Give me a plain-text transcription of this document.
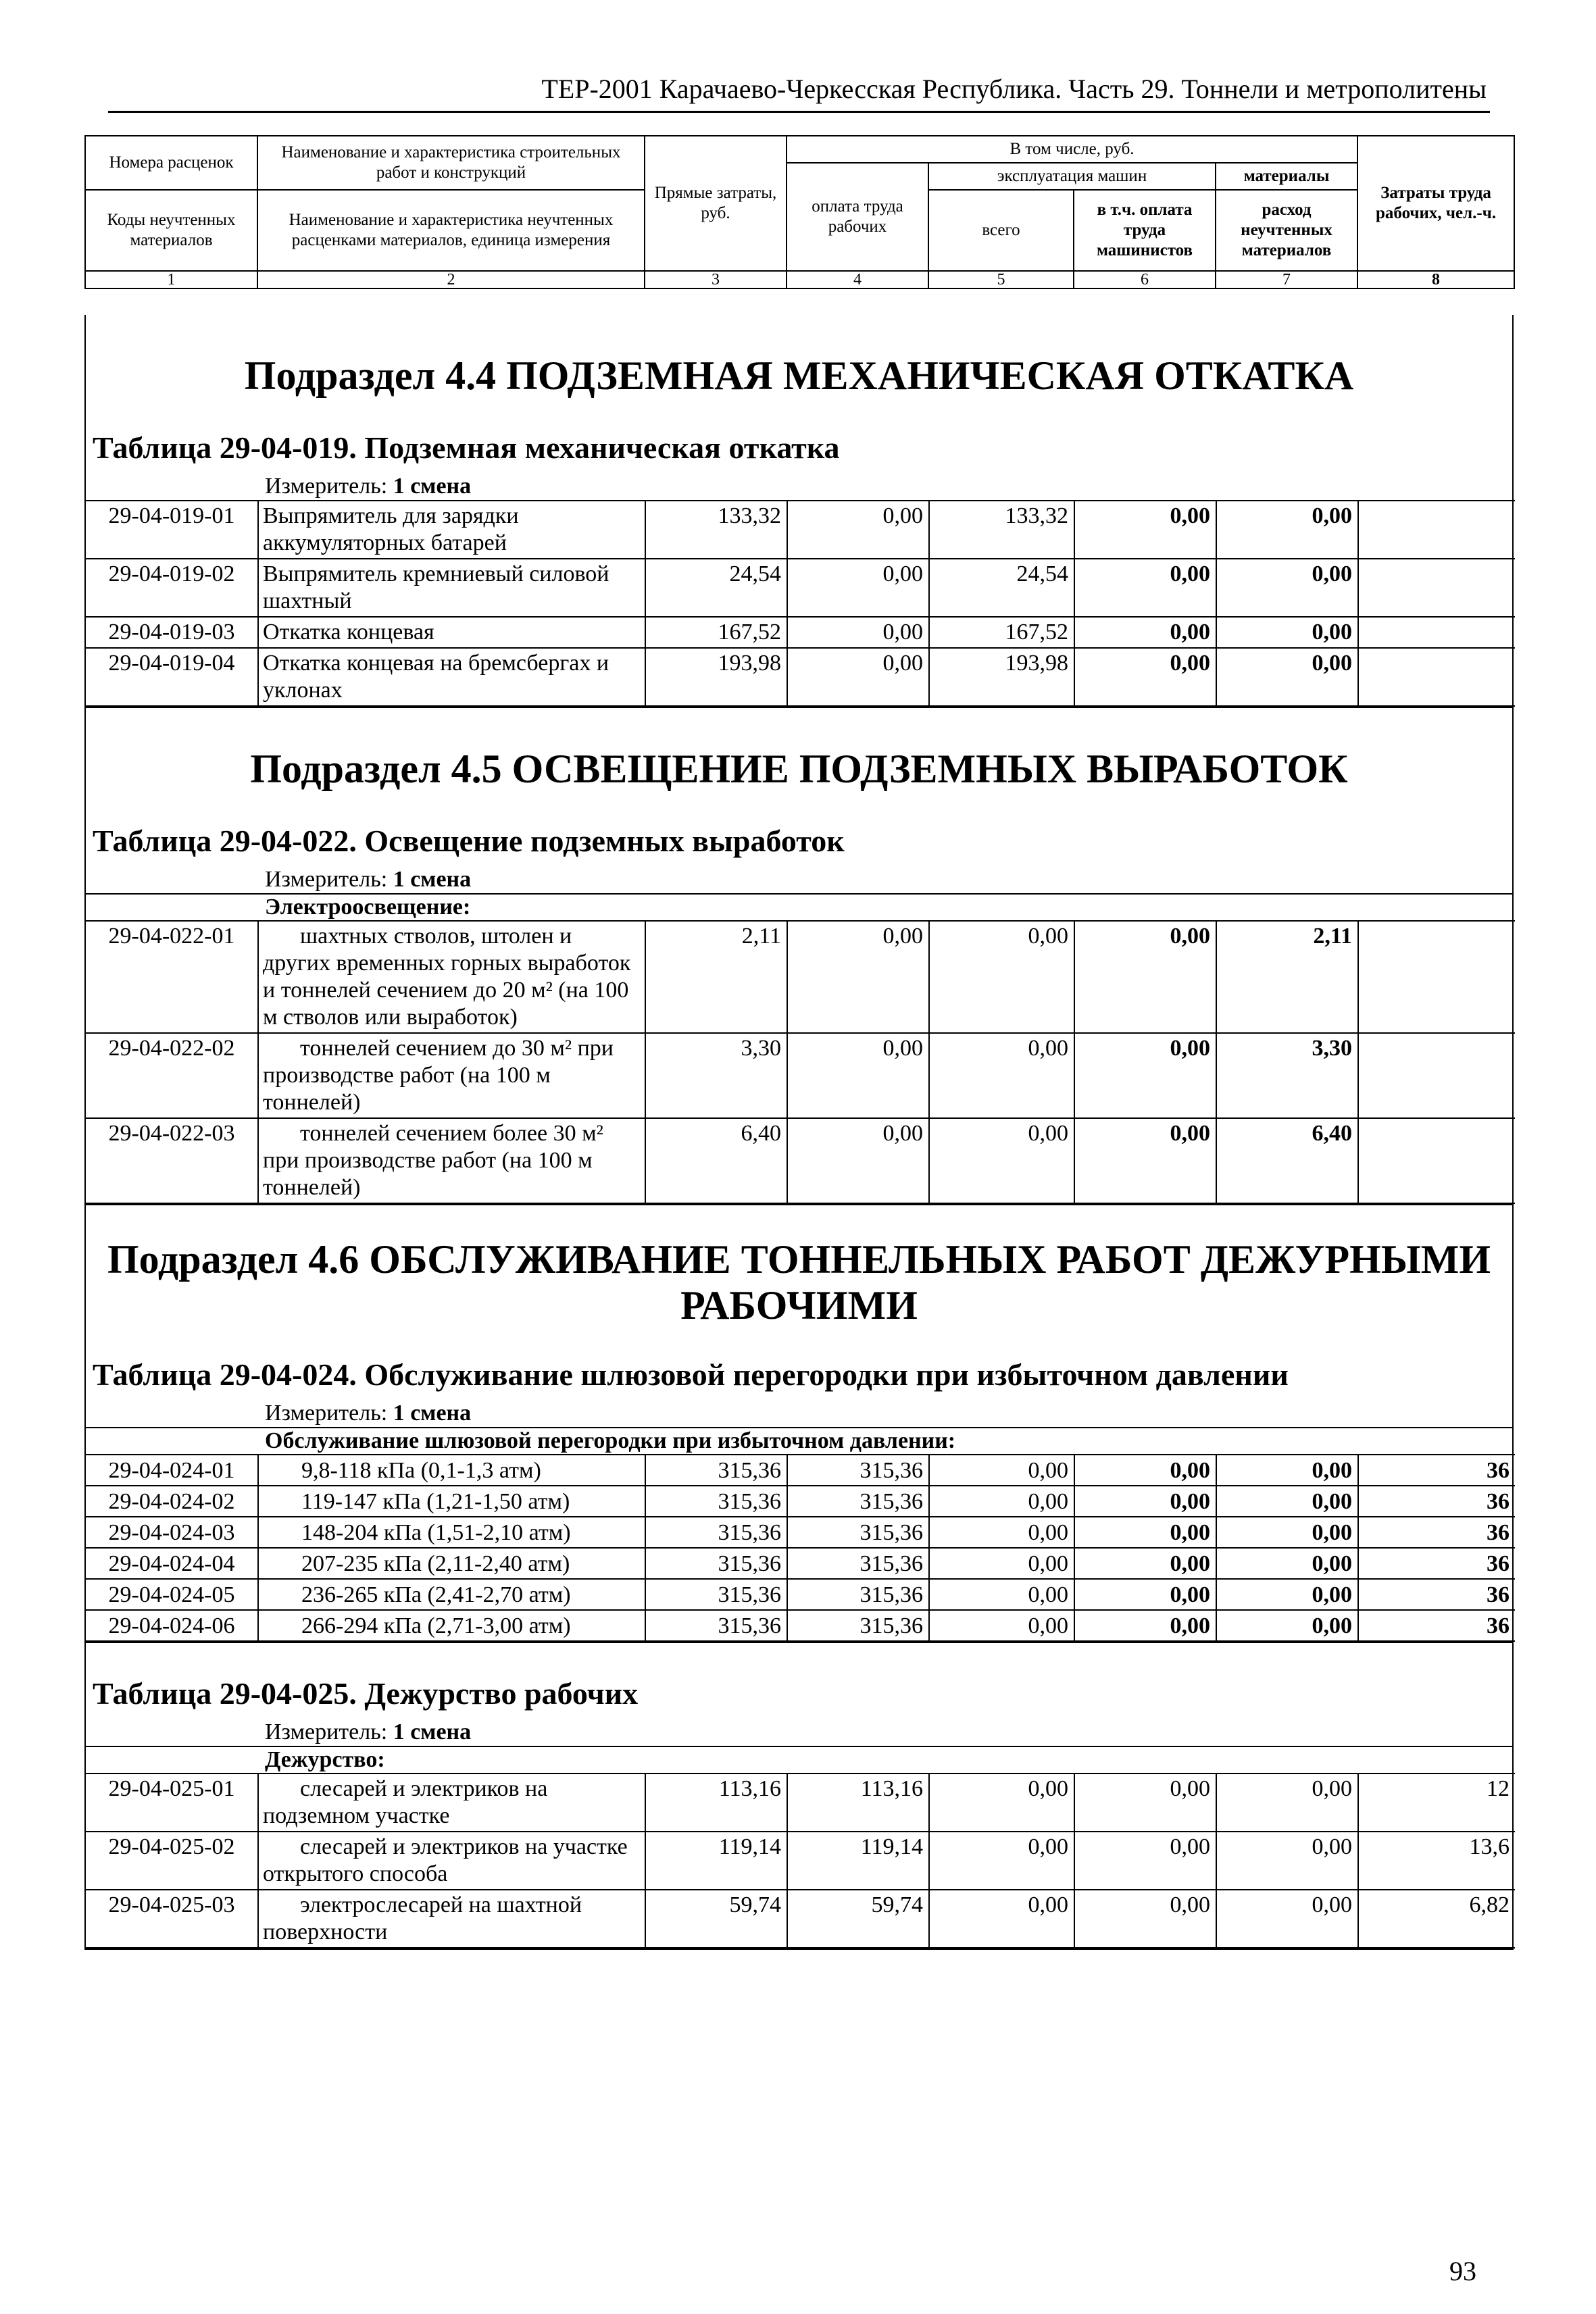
ТЕР-2001 Карачаево-Черкесская Республика. Часть 29. Тоннели и метрополитены
Номера расценок	Наименование и характеристика строительных работ и конструкций	Прямые затраты, руб.	В том числе, руб.				Затраты труда рабочих, чел.-ч.
			оплата труда рабочих	эксплуатация машин		материалы	
Коды неучтенных материалов	Наименование и характеристика неучтенных расценками материалов, единица измерения			всего	в т.ч. оплата труда машинистов	расход неучтенных материалов	

1	2	3	4	5	6	7	8
Подраздел 4.4 ПОДЗЕМНАЯ МЕХАНИЧЕСКАЯ ОТКАТКА
Таблица 29-04-019. Подземная механическая откатка
Измеритель: 1 смена
29-04-019-01	Выпрямитель для зарядки аккумуляторных батарей	133,32	0,00	133,32	0,00	0,00	
29-04-019-02	Выпрямитель кремниевый силовой шахтный	24,54	0,00	24,54	0,00	0,00	
29-04-019-03	Откатка концевая	167,52	0,00	167,52	0,00	0,00	
29-04-019-04	Откатка концевая на бремсбергах и уклонах	193,98	0,00	193,98	0,00	0,00	
Подраздел 4.5 ОСВЕЩЕНИЕ ПОДЗЕМНЫХ ВЫРАБОТОК
Таблица 29-04-022. Освещение подземных выработок
Измеритель: 1 смена
Электроосвещение:
29-04-022-01	шахтных стволов, штолен и других временных горных выработок и тоннелей сечением до 20 м² (на 100 м стволов или выработок)	2,11	0,00	0,00	0,00	2,11	
29-04-022-02	тоннелей сечением до 30 м² при производстве работ (на 100 м тоннелей)	3,30	0,00	0,00	0,00	3,30	
29-04-022-03	тоннелей сечением более 30 м² при производстве работ (на 100 м тоннелей)	6,40	0,00	0,00	0,00	6,40	
Подраздел 4.6 ОБСЛУЖИВАНИЕ ТОННЕЛЬНЫХ РАБОТ ДЕЖУРНЫМИ РАБОЧИМИ
Таблица 29-04-024. Обслуживание шлюзовой перегородки при избыточном давлении
Измеритель: 1 смена
Обслуживание шлюзовой перегородки при избыточном давлении:
29-04-024-01	9,8-118 кПа (0,1-1,3 атм)	315,36	315,36	0,00	0,00	0,00	36
29-04-024-02	119-147 кПа (1,21-1,50 атм)	315,36	315,36	0,00	0,00	0,00	36
29-04-024-03	148-204 кПа (1,51-2,10 атм)	315,36	315,36	0,00	0,00	0,00	36
29-04-024-04	207-235 кПа (2,11-2,40 атм)	315,36	315,36	0,00	0,00	0,00	36
29-04-024-05	236-265 кПа (2,41-2,70 атм)	315,36	315,36	0,00	0,00	0,00	36
29-04-024-06	266-294 кПа (2,71-3,00 атм)	315,36	315,36	0,00	0,00	0,00	36
Таблица 29-04-025. Дежурство рабочих
Измеритель: 1 смена
Дежурство:
29-04-025-01	слесарей и электриков на подземном участке	113,16	113,16	0,00	0,00	0,00	12
29-04-025-02	слесарей и электриков на участке открытого способа	119,14	119,14	0,00	0,00	0,00	13,6
29-04-025-03	электрослесарей на шахтной поверхности	59,74	59,74	0,00	0,00	0,00	6,82
93
